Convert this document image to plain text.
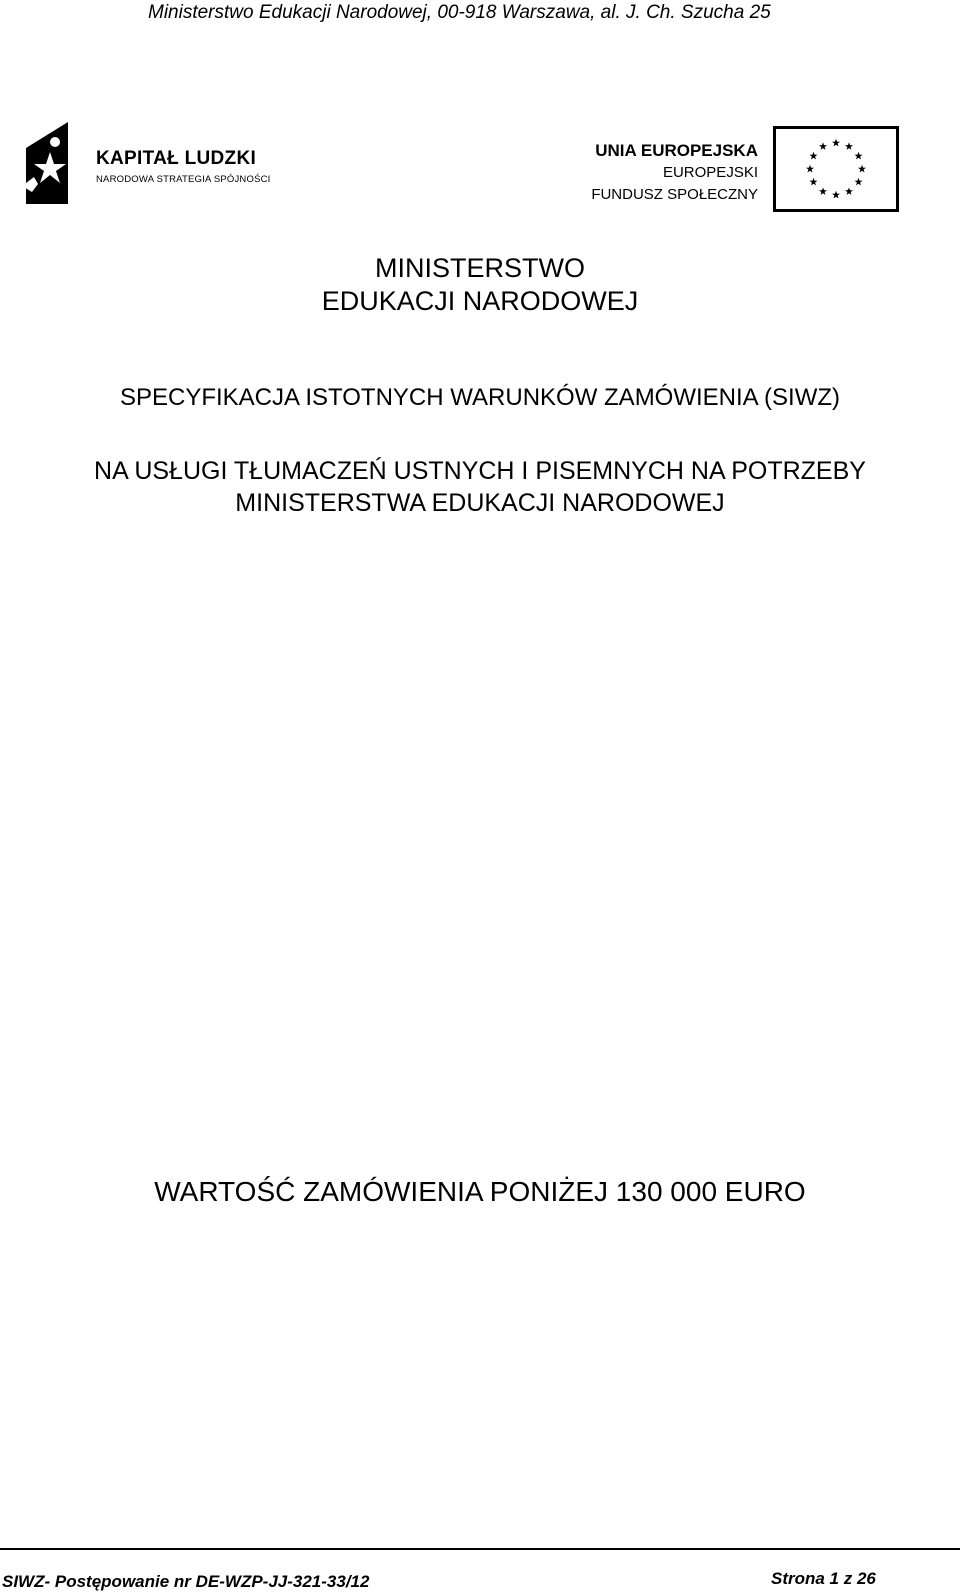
Ministerstwo Edukacji Narodowej, 00-918 Warszawa, al. J. Ch. Szucha 25
KAPITAŁ LUDZKI
NARODOWA STRATEGIA SPÓJNOŚCI
UNIA EUROPEJSKA
EUROPEJSKI
FUNDUSZ SPOŁECZNY
MINISTERSTWO
EDUKACJI NARODOWEJ
SPECYFIKACJA ISTOTNYCH WARUNKÓW ZAMÓWIENIA (SIWZ)
NA USŁUGI TŁUMACZEŃ USTNYCH I PISEMNYCH NA POTRZEBY
MINISTERSTWA EDUKACJI NARODOWEJ
WARTOŚĆ ZAMÓWIENIA PONIŻEJ 130 000 EURO
SIWZ- Postępowanie nr DE-WZP-JJ-321-33/12	Strona 1 z 26
